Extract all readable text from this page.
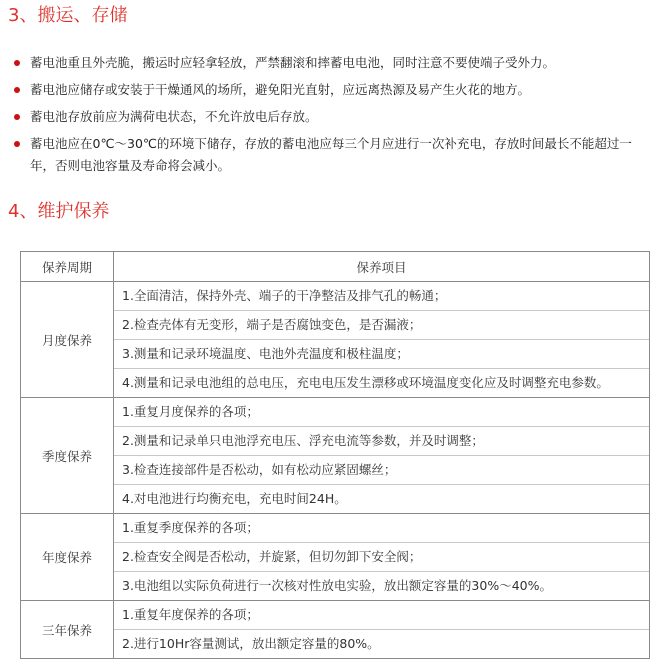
3、搬运、存储
蓄电池重且外壳脆，搬运时应轻拿轻放，严禁翻滚和摔蓄电电池，同时注意不要使端子受外力。
蓄电池应储存或安装于干燥通风的场所，避免阳光直射，应远离热源及易产生火花的地方。
蓄电池存放前应为满荷电状态，不允许放电后存放。
蓄电池应在0℃～30℃的环境下储存，存放的蓄电池应每三个月应进行一次补充电，存放时间最长不能超过一年，否则电池容量及寿命将会减小。
4、维护保养
保养周期	保养项目
月度保养	1.全面清洁，保持外壳、端子的干净整洁及排气孔的畅通；
2.检查壳体有无变形，端子是否腐蚀变色，是否漏液；
3.测量和记录环境温度、电池外壳温度和极柱温度；
4.测量和记录电池组的总电压，充电电压发生漂移或环境温度变化应及时调整充电参数。

季度保养	1.重复月度保养的各项；
2.测量和记录单只电池浮充电压、浮充电流等参数，并及时调整；
3.检查连接部件是否松动，如有松动应紧固螺丝；
4.对电池进行均衡充电，充电时间24H。

年度保养	1.重复季度保养的各项；
2.检查安全阀是否松动，并旋紧，但切勿卸下安全阀；
3.电池组以实际负荷进行一次核对性放电实验，放出额定容量的30%～40%。

三年保养	1.重复年度保养的各项；
2.进行10Hr容量测试，放出额定容量的80%。
